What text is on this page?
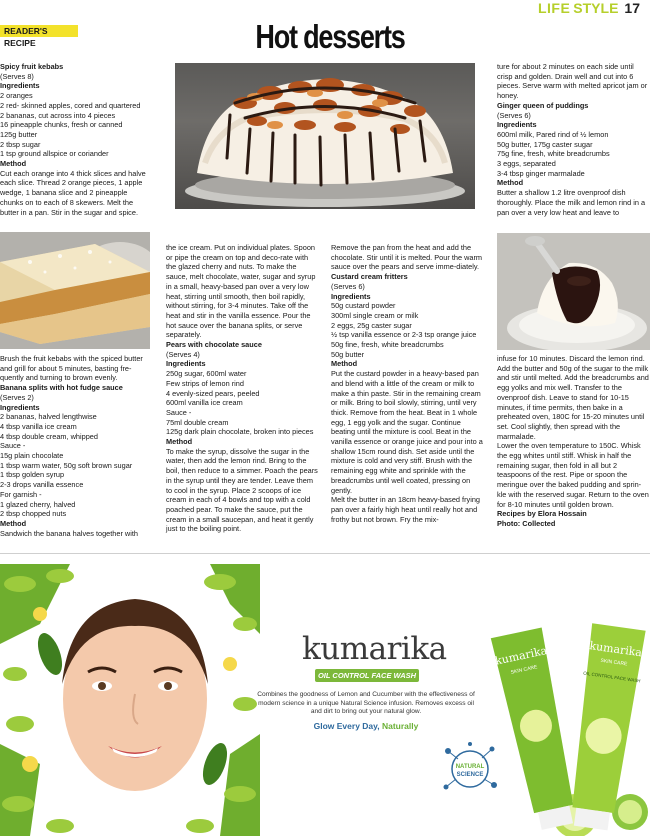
LIFE STYLE 17
READER'S RECIPE	Hot desserts

Spicy fruit kebabs

(Serves 8)

Ingredients

2 oranges

2 red- skinned apples, cored and quartered

2 bananas, cut across into 4 pieces

16 pineapple chunks, fresh or canned

125g butter

2 tbsp sugar

1 tsp ground allspice or coriander

Method

Cut each orange into 4 thick slices and halve each slice. Thread 2 orange pieces, 1 apple wedge, 1 banana slice and 2 pineapple chunks on to each of 8 skewers. Melt the butter in a pan. Stir in the sugar and spice.

Brush the fruit kebabs with the spiced butter and grill for about 5 minutes, basting fre-quently and turning to brown evenly.

Banana splits with hot fudge sauce

(Serves 2)

Ingredients

2 bananas, halved lengthwise

4 tbsp vanilla ice cream

4 tbsp double cream, whipped

Sauce -

15g plain chocolate

1 tbsp warm water, 50g soft brown sugar

1 tbsp golden syrup

2-3 drops vanilla essence

For garnish -

1 glazed cherry, halved

2 tbsp chopped nuts

Method

Sandwich the banana halves together with

the ice cream. Put on individual plates. Spoon or pipe the cream on top and deco-rate with the glazed cherry and nuts. To make the sauce, melt chocolate, water, sugar and syrup in a small, heavy-based pan over a very low heat, stirring until smooth, then boil rapidly, without stirring, for 3-4 minutes. Take off the heat and stir in the vanilla essence. Pour the hot sauce over the banana splits, or serve separately.

Pears with chocolate sauce

(Serves 4)

Ingredients

250g sugar, 600ml water

Few strips of lemon rind

4 evenly-sized pears, peeled

600ml vanilla ice cream

Sauce -

75ml double cream

125g dark plain chocolate, broken into pieces

Method

To make the syrup, dissolve the sugar in the water, then add the lemon rind. Bring to the boil, then reduce to a simmer. Poach the pears in the syrup until they are tender. Leave them to cool in the syrup. Place 2 scoops of ice cream in each of 4 bowls and top with a cold poached pear. To make the sauce, put the cream in a small saucepan, and heat it gently just to the boiling point.

Remove the pan from the heat and add the chocolate. Stir until it is melted. Pour the warm sauce over the pears and serve imme-diately.

Custard cream fritters

(Serves 6)

Ingredients

50g custard powder

300ml single cream or milk

2 eggs, 25g caster sugar

½ tsp vanilla essence or 2-3 tsp orange juice

50g fine, fresh, white breadcrumbs

50g butter

Method

Put the custard powder in a heavy-based pan and blend with a little of the cream or milk to make a thin paste. Stir in the remaining cream or milk. Bring to boil slowly, stirring, until very thick. Remove from the heat. Beat in 1 whole egg, 1 egg yolk and the sugar. Continue beating until the mixture is cool. Beat in the vanilla essence or orange juice and pour into a shallow 15cm round dish. Set aside until the mixture is cold and very stiff. Brush with the remaining egg white and sprinkle with the breadcrumbs until well coated, pressing on gently.

Melt the butter in an 18cm heavy-based frying pan over a fairly high heat until really hot and frothy but not brown. Fry the mix-

ture for about 2 minutes on each side until crisp and golden. Drain well and cut into 6 pieces. Serve warm with melted apricot jam or honey.

Ginger queen of puddings

(Serves 6)

Ingredients

600ml milk, Pared rind of ½ lemon

50g butter, 175g caster sugar

75g fine, fresh, white breadcrumbs

3 eggs, separated

3-4 tbsp ginger marmalade

Method

Butter a shallow 1.2 litre ovenproof dish thoroughly. Place the milk and lemon rind in a pan over a very low heat and leave to

infuse for 10 minutes. Discard the lemon rind. Add the butter and 50g of the sugar to the milk and stir until melted. Add the breadcrumbs and egg yolks and mix well. Transfer to the ovenproof dish. Leave to stand for 10-15 minutes, if time permits, then bake in a preheated oven, 180C for 15-20 minutes until set. Cool slightly, then spread with the marmalade.

Lower the oven temperature to 150C. Whisk the egg whites until stiff. Whisk in half the remaining sugar, then fold in all but 2 teaspoons of the rest. Pipe or spoon the meringue over the baked pudding and sprin-kle with the reserved sugar. Return to the oven for 8-10 minutes until golden brown.

Recipes by Elora Hossain

Photo: Collected

kumarika
OIL CONTROL FACE WASH
Combines the goodness of Lemon and Cucumber with the effectiveness of modern science in a unique Natural Science infusion. Removes excess oil and dirt to bring out your natural glow.
Glow Every Day, Naturally
NATURAL
SCIENCE
kumarika
SKIN CARE
kumarika
SKIN CARE
OIL CONTROL FACE WASH
